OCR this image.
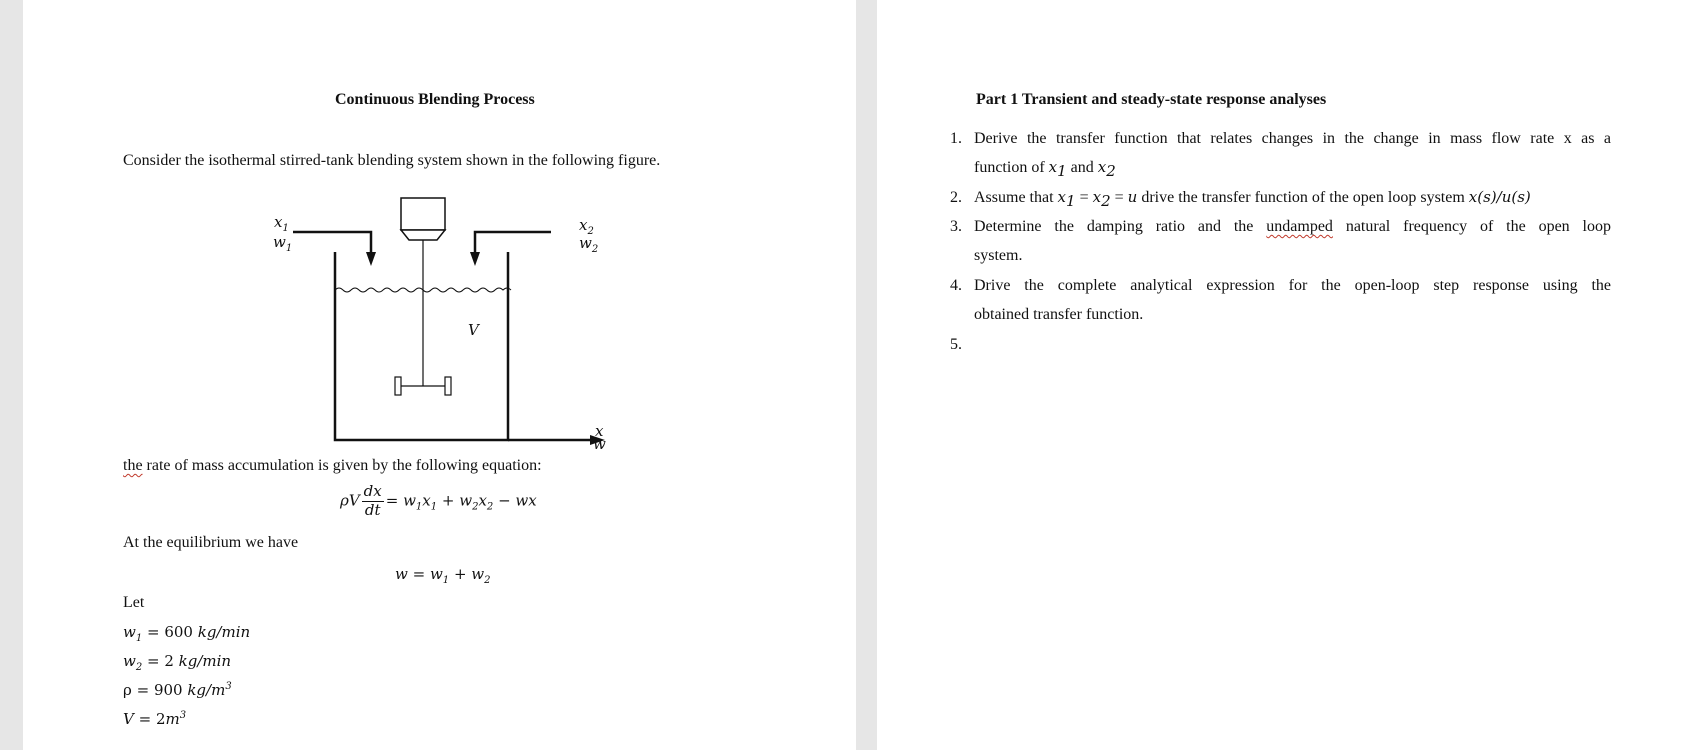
Continuous Blending Process
Consider the isothermal stirred-tank blending system shown in the following figure.
$x_1$
$w_1$
$x_2$
$w_2$
V
x
w
the rate of mass accumulation is given by the following equation:
ρV $\frac{dx}{dt} = w_1x_1 + w_2x_2$ − wx
At the equilibrium we have
$w = w_1 + w_2$
Let
$w_1 = 600$ kg/min
$w_2 = 2$ kg/min
ρ = 900 $kg/m^3$
$V = 2m^3$
Part 1 Transient and steady-state response analyses
1. Derive the transfer function that relates changes in the change in mass flow rate x as a
function of $x_1$ and $x_2$
2. Assume that $x_1 = x_2 = u$ drive the transfer function of the open loop system x(s)/u(s)
3. Determine the damping ratio and the undamped natural frequency of the open loop
system.
4. Drive the complete analytical expression for the open-loop step response using the
obtained transfer function.
5.
